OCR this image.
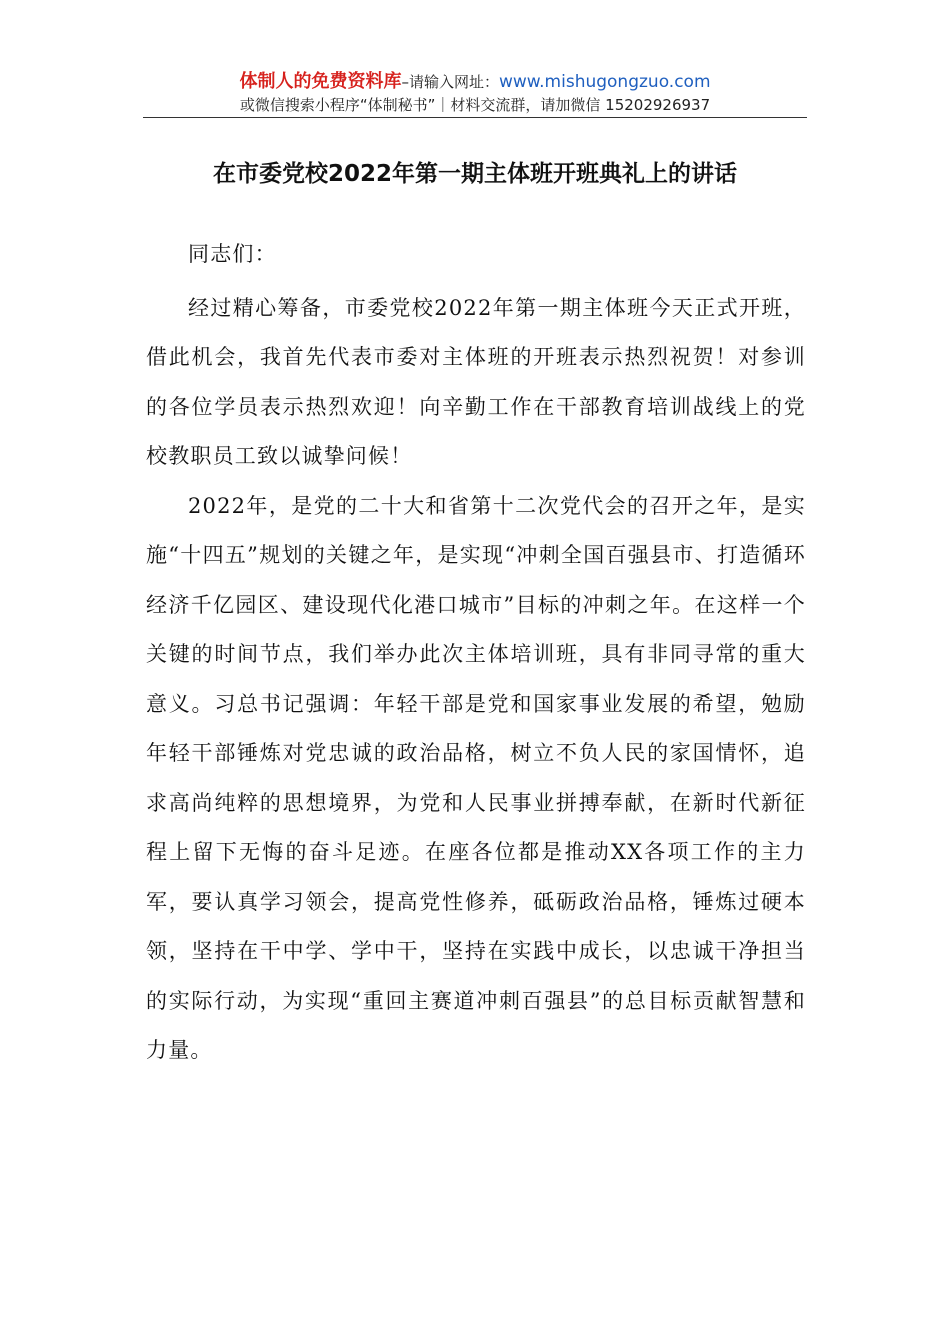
体制人的免费资料库–请输入网址：www.mishugongzuo.com
或微信搜索小程序“体制秘书”｜材料交流群，请加微信 15202926937
在市委党校2022年第一期主体班开班典礼上的讲话

同志们：

经过精心筹备，市委党校2022年第一期主体班今天正式开班，借此机会，我首先代表市委对主体班的开班表示热烈祝贺！对参训的各位学员表示热烈欢迎！向辛勤工作在干部教育培训战线上的党校教职员工致以诚挚问候！

2022年，是党的二十大和省第十二次党代会的召开之年，是实施“十四五”规划的关键之年，是实现“冲刺全国百强县市、打造循环经济千亿园区、建设现代化港口城市”目标的冲刺之年。在这样一个关键的时间节点，我们举办此次主体培训班，具有非同寻常的重大意义。习总书记强调：年轻干部是党和国家事业发展的希望，勉励年轻干部锤炼对党忠诚的政治品格，树立不负人民的家国情怀，追求高尚纯粹的思想境界，为党和人民事业拼搏奉献，在新时代新征程上留下无悔的奋斗足迹。在座各位都是推动XX各项工作的主力军，要认真学习领会，提高党性修养，砥砺政治品格，锤炼过硬本领，坚持在干中学、学中干，坚持在实践中成长，以忠诚干净担当的实际行动，为实现“重回主赛道冲刺百强县”的总目标贡献智慧和力量。
